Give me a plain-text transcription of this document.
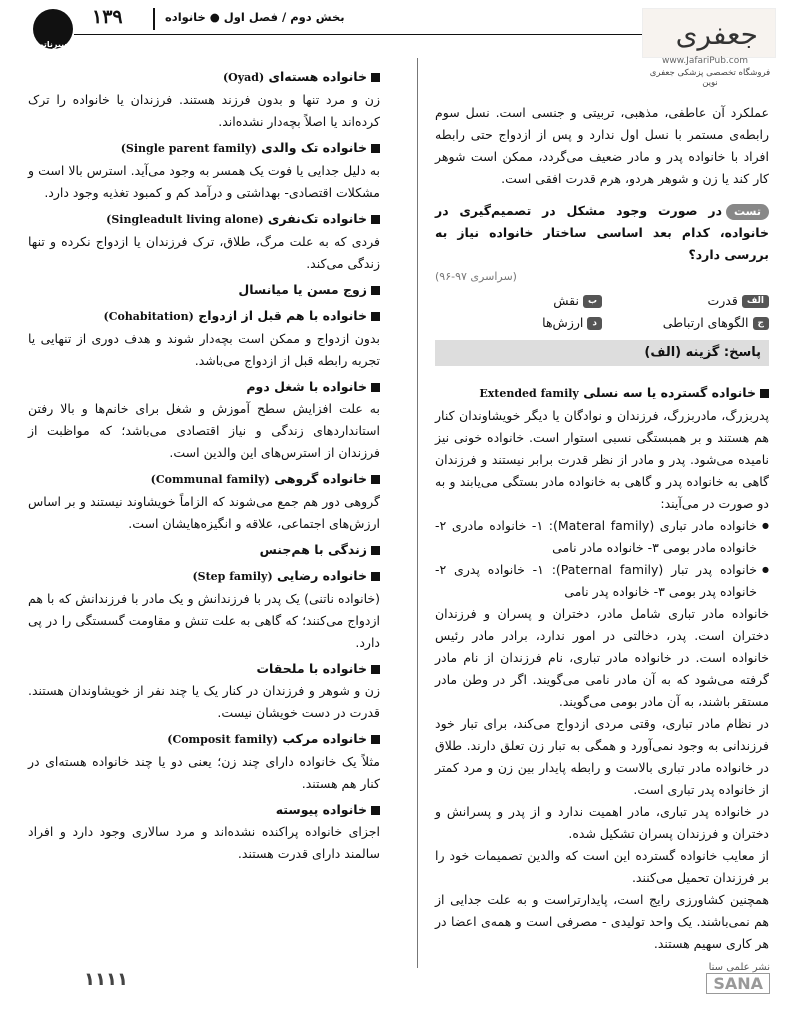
جیبرناتی
۱۳۹	بخش دوم / فصل اول ● خانواده
جعفری
www.JafariPub.com
فروشگاه تخصصی پزشکی جعفری نوین

عملکرد آن عاطفی، مذهبی، تربیتی و جنسی است. نسل سوم رابطه‌ی مستمر با نسل اول ندارد و پس از ازدواج حتی رابطه افراد با خانواده پدر و مادر ضعیف می‌گردد، ممکن است شوهر کار کند یا زن و شوهر هردو، هرم قدرت افقی است.

تستدر صورت وجود مشکل در تصمیم‌گیری در خانواده، کدام بعد اساسی ساختار خانواده نیاز به بررسی دارد؟

(سراسری ۹۷-۹۶)

الف
قدرت
ب
نقش
ج
الگوهای ارتباطی
د
ارزش‌ها
پاسخ: گزینه (الف)

خانواده گسترده یا سه نسلی Extended family

پدربزرگ، مادربزرگ، فرزندان و نوادگان یا دیگر خویشاوندان کنار هم هستند و بر همبستگی نسبی استوار است. خانواده خونی نیز نامیده می‌شود. پدر و مادر از نظر قدرت برابر نیستند و فرزندان گاهی به خانواده پدر و گاهی به خانواده مادر بستگی می‌یابند و به دو صورت در می‌آیند:

● خانواده مادر تباری (Materal family): ۱- خانواده مادری ۲- خانواده مادر بومی ۳- خانواده مادر نامی

● خانواده پدر تبار (Paternal family): ۱- خانواده پدری ۲- خانواده پدر بومی ۳- خانواده پدر نامی

خانواده مادر تباری شامل مادر، دختران و پسران و فرزندان دختران است. پدر، دخالتی در امور ندارد، برادر مادر رئیس خانواده است. در خانواده مادر تباری، نام فرزندان از نام مادر گرفته می‌شود که به آن مادر نامی می‌گویند. اگر در وطن مادر مستقر باشند، به آن مادر بومی می‌گویند.

در نظام مادر تباری، وقتی مردی ازدواج می‌کند، برای تبار خود فرزندانی به وجود نمی‌آورد و همگی به تبار زن تعلق دارند. طلاق در خانواده مادر تباری بالاست و رابطه پایدار بین زن و مرد کمتر از خانواده پدر تباری است.

در خانواده پدر تباری، مادر اهمیت ندارد و از پدر و پسرانش و دختران و فرزندان پسران تشکیل شده.

از معایب خانواده گسترده این است که والدین تصمیمات خود را بر فرزندان تحمیل می‌کنند.

همچنین کشاورزی رایج است، پایدارتراست و به علت جدایی از هم نمی‌باشند. یک واحد تولیدی - مصرفی است و همه‌ی اعضا در هر کاری سهیم هستند.

خانواده هسته‌ای (Oyad)

زن و مرد تنها و بدون فرزند هستند. فرزندان یا خانواده را ترک کرده‌اند یا اصلاً بچه‌دار نشده‌اند.

خانواده تک والدی (Single parent family)

به دلیل جدایی یا فوت یک همسر به وجود می‌آید. استرس بالا است و مشکلات اقتصادی- بهداشتی و درآمد کم و کمبود تغذیه وجود دارد.

خانواده تک‌نفری (Singleadult living alone)

فردی که به علت مرگ، طلاق، ترک فرزندان یا ازدواج نکرده و تنها زندگی می‌کند.

زوج مسن یا میانسال

خانواده با هم قبل از ازدواج (Cohabitation)

بدون ازدواج و ممکن است بچه‌دار شوند و هدف دوری از تنهایی یا تجربه رابطه قبل از ازدواج می‌باشد.

خانواده با شغل دوم

به علت افزایش سطح آموزش و شغل برای خانم‌ها و بالا رفتن استانداردهای زندگی و نیاز اقتصادی می‌باشد؛ که مواظبت از فرزندان از استرس‌های این والدین است.

خانواده گروهی (Communal family)

گروهی دور هم جمع می‌شوند که الزاماً خویشاوند نیستند و بر اساس ارزش‌های اجتماعی، علاقه و انگیزه‌هایشان است.

زندگی با هم‌جنس

خانواده رضایی (Step family)

(خانواده ناتنی) یک پدر با فرزندانش و یک مادر با فرزندانش که با هم ازدواج می‌کنند؛ که گاهی به علت تنش و مقاومت گسستگی را در پی دارد.

خانواده با ملحقات

زن و شوهر و فرزندان در کنار یک یا چند نفر از خویشاوندان هستند. قدرت در دست خویشان نیست.

خانواده مرکب (Composit family)

مثلاً یک خانواده دارای چند زن؛ یعنی دو یا چند خانواده هسته‌ای در کنار هم هستند.

خانواده پیوسته

اجزای خانواده پراکنده نشده‌اند و مرد سالاری وجود دارد و افراد سالمند دارای قدرت هستند.

نشر علمی سنا
SANA
۱۱۱۱
